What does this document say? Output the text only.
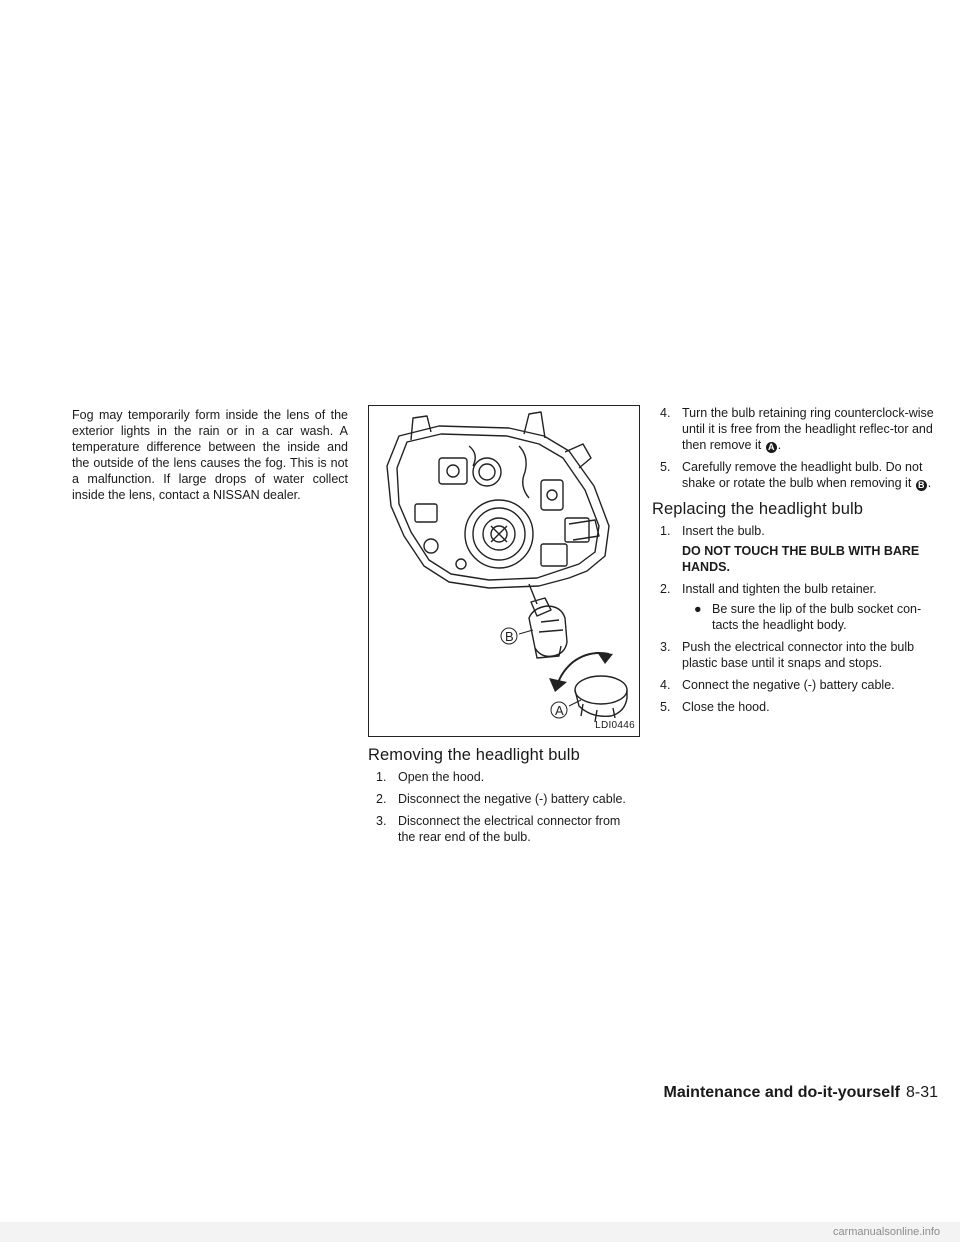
Fog may temporarily form inside the lens of the exterior lights in the rain or in a car wash. A temperature difference between the inside and the outside of the lens causes the fog. This is not a malfunction. If large drops of water collect inside the lens, contact a NISSAN dealer.

B
A
LDI0446
Removing the headlight bulb
1. Open the hood.
2. Disconnect the negative (-) battery cable.
3. Disconnect the electrical connector from the rear end of the bulb.
4. Turn the bulb retaining ring counterclock-wise until it is free from the headlight reflec-tor and then remove it A .
5. Carefully remove the headlight bulb. Do not shake or rotate the bulb when removing it B .
Replacing the headlight bulb
1. Insert the bulb.
DO NOT TOUCH THE BULB WITH BARE HANDS.
2. Install and tighten the bulb retainer.
● Be sure the lip of the bulb socket con-tacts the headlight body.
3. Push the electrical connector into the bulb plastic base until it snaps and stops.
4. Connect the negative (-) battery cable.
5. Close the hood.
Maintenance and do-it-yourself 8-31
carmanualsonline.info
